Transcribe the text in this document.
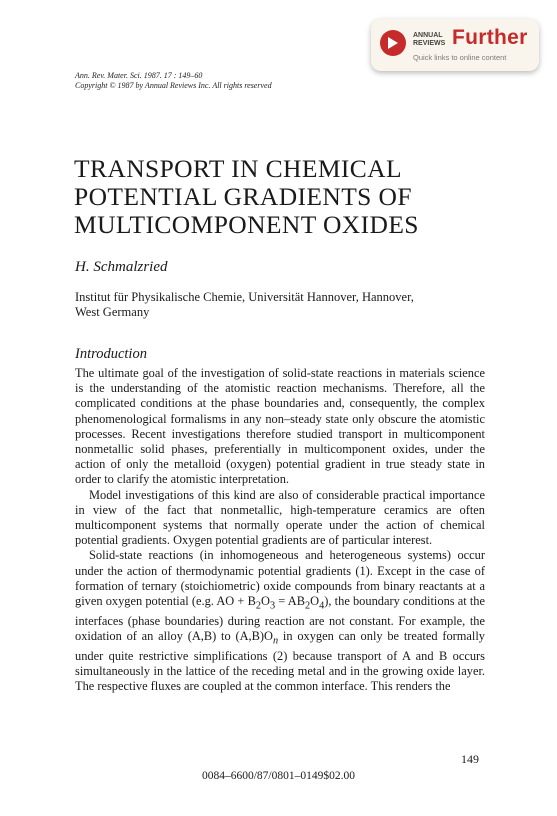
ANNUAL
REVIEWS Further
Quick links to online content
Ann. Rev. Mater. Sci. 1987. 17 : 149–60
Copyright © 1987 by Annual Reviews Inc. All rights reserved
TRANSPORT IN CHEMICAL
POTENTIAL GRADIENTS OF
MULTICOMPONENT OXIDES
H. Schmalzried
Institut für Physikalische Chemie, Universität Hannover, Hannover,
West Germany
Introduction

The ultimate goal of the investigation of solid-state reactions in materials science is the understanding of the atomistic reaction mechanisms. Therefore, all the complicated conditions at the phase boundaries and, consequently, the complex phenomenological formalisms in any non–steady state only obscure the atomistic processes. Recent investigations therefore studied transport in multicomponent nonmetallic solid phases, preferentially in multicomponent oxides, under the action of only the metalloid (oxygen) potential gradient in true steady state in order to clarify the atomistic interpretation.

Model investigations of this kind are also of considerable practical importance in view of the fact that nonmetallic, high-temperature ceramics are often multicomponent systems that normally operate under the action of chemical potential gradients. Oxygen potential gradients are of particular interest.

Solid-state reactions (in inhomogeneous and heterogeneous systems) occur under the action of thermodynamic potential gradients (1). Except in the case of formation of ternary (stoichiometric) oxide compounds from binary reactants at a given oxygen potential (e.g. AO + $B_2O_3 = AB_2O_4$), the boundary conditions at the interfaces (phase boundaries) during reaction are not constant. For example, the oxidation of an alloy (A,B) to $(A,B)O_n$ in oxygen can only be treated formally under quite restrictive simplifications (2) because transport of A and B occurs simultaneously in the lattice of the receding metal and in the growing oxide layer. The respective fluxes are coupled at the common interface. This renders the

149
0084–6600/87/0801–0149$02.00
